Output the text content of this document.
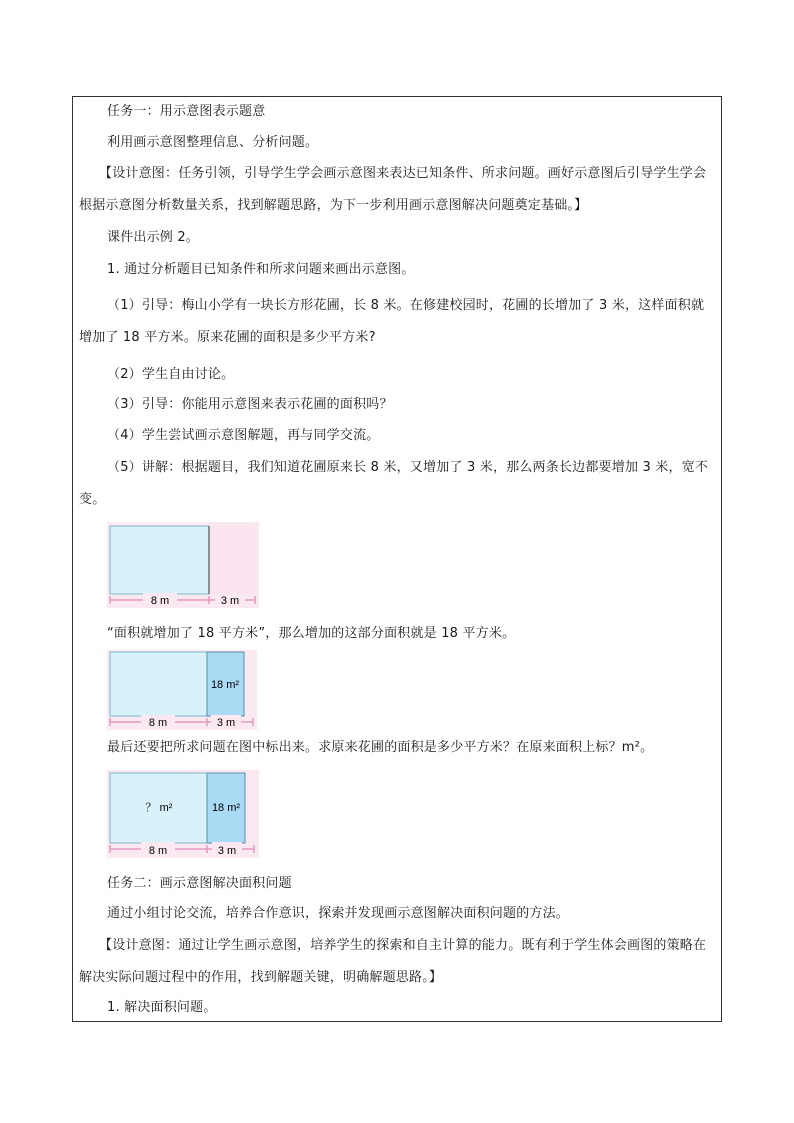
任务一：用示意图表示题意
利用画示意图整理信息、分析问题。
【设计意图：任务引领，引导学生学会画示意图来表达已知条件、所求问题。画好示意图后引导学生学会根据示意图分析数量关系，找到解题思路，为下一步利用画示意图解决问题奠定基础。】
课件出示例 2。
1. 通过分析题目已知条件和所求问题来画出示意图。
（1）引导：梅山小学有一块长方形花圃，长 8 米。在修建校园时，花圃的长增加了 3 米，这样面积就增加了 18 平方米。原来花圃的面积是多少平方米?
（2）学生自由讨论。
（3）引导：你能用示意图来表示花圃的面积吗？
（4）学生尝试画示意图解题，再与同学交流。
（5）讲解：根据题目，我们知道花圃原来长 8 米，又增加了 3 米，那么两条长边都要增加 3 米，宽不变。
8 m	3 m
“面积就增加了 18 平方米”，那么增加的这部分面积就是 18 平方米。
18 m²
8 m	3 m
最后还要把所求问题在图中标出来。求原来花圃的面积是多少平方米？在原来面积上标？m²。
？ m²	18 m²
8 m	3 m
任务二：画示意图解决面积问题
通过小组讨论交流，培养合作意识，探索并发现画示意图解决面积问题的方法。
【设计意图：通过让学生画示意图，培养学生的探索和自主计算的能力。既有利于学生体会画图的策略在解决实际问题过程中的作用，找到解题关键，明确解题思路。】
1. 解决面积问题。
